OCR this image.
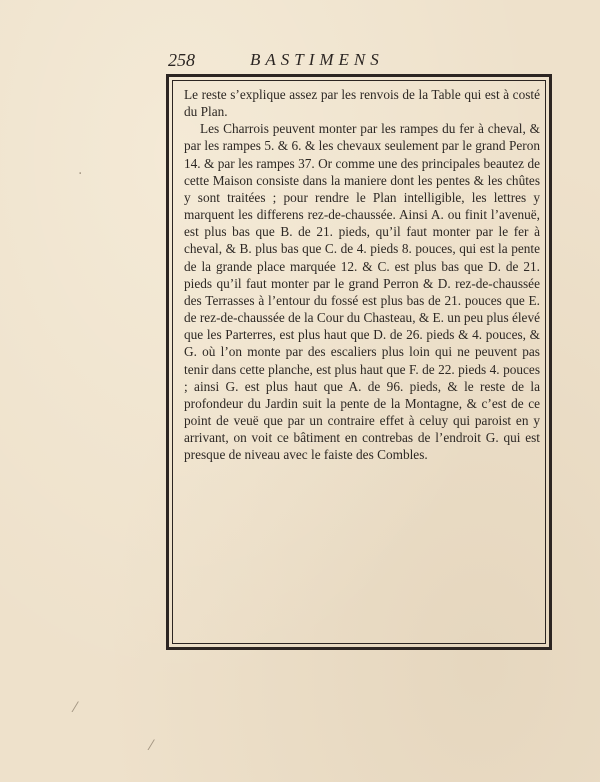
258	BASTIMENS

Le reste s’explique assez par les renvois de la Table qui est à costé du Plan.

Les Charrois peuvent monter par les rampes du fer à cheval, & par les rampes 5. & 6. & les chevaux seulement par le grand Peron 14. & par les rampes 37. Or comme une des principales beautez de cette Maison consiste dans la maniere dont les pentes & les chûtes y sont traitées ; pour rendre le Plan intelligible, les lettres y marquent les differens rez-de-chaussée. Ainsi A. ou finit l’avenuë, est plus bas que B. de 21. pieds, qu’il faut monter par le fer à cheval, & B. plus bas que C. de 4. pieds 8. pouces, qui est la pente de la grande place marquée 12. & C. est plus bas que D. de 21. pieds qu’il faut monter par le grand Perron & D. rez-de-chaussée des Terrasses à l’entour du fossé est plus bas de 21. pouces que E. de rez-de-chaussée de la Cour du Chasteau, & E. un peu plus élevé que les Parterres, est plus haut que D. de 26. pieds & 4. pouces, & G. où l’on monte par des escaliers plus loin qui ne peuvent pas tenir dans cette planche, est plus haut que F. de 22. pieds 4. pouces ; ainsi G. est plus haut que A. de 96. pieds, & le reste de la profondeur du Jardin suit la pente de la Montagne, & c’est de ce point de veuë que par un contraire effet à celuy qui paroist en y arrivant, on voit ce bâtiment en contrebas de l’endroit G. qui est presque de niveau avec le faiste des Combles.

·
⁄
⁄
